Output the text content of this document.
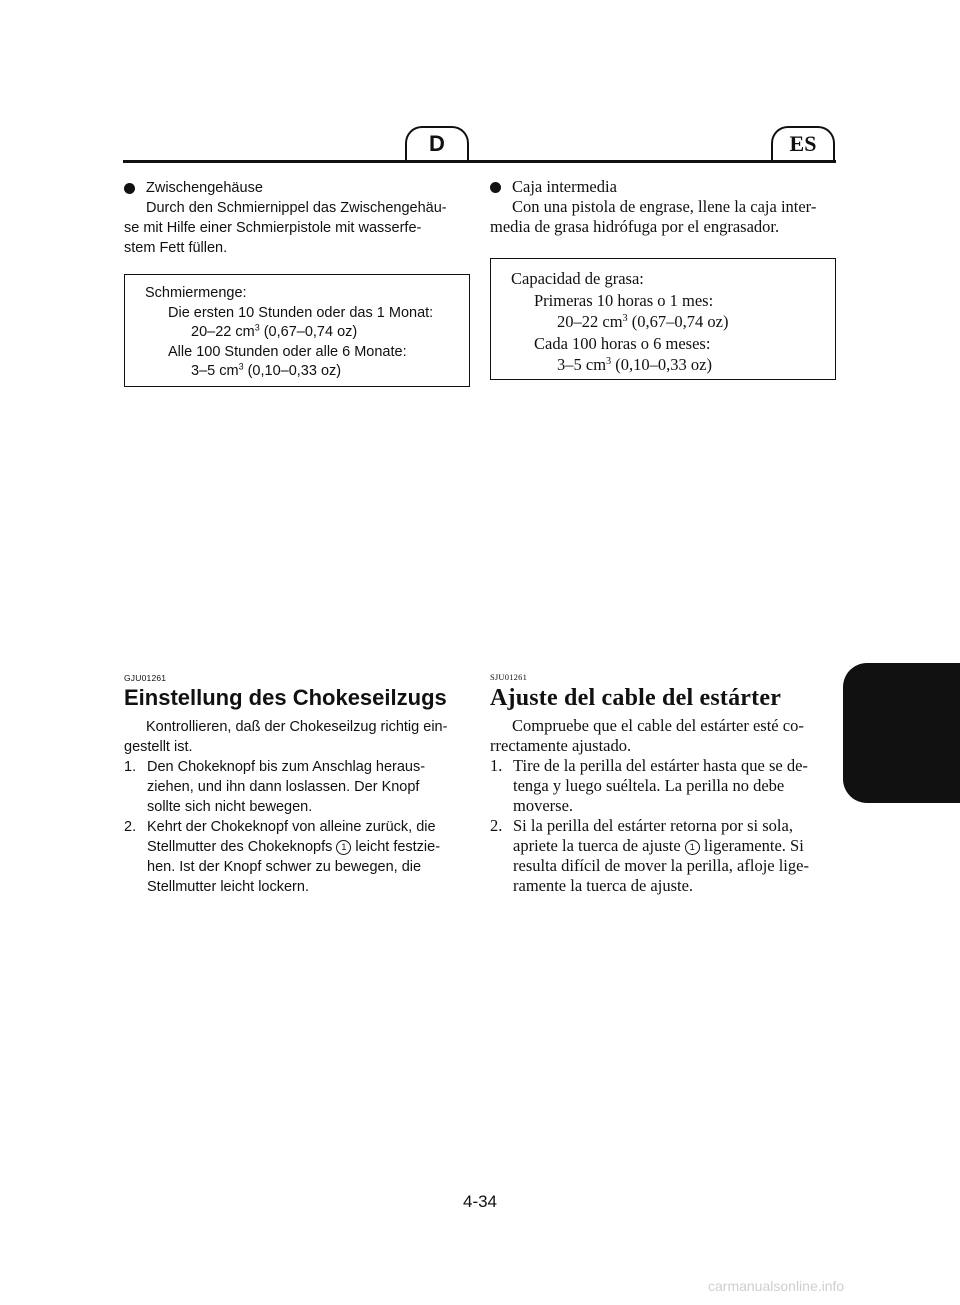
D	ES
Zwischengehäuse
Durch den Schmiernippel das Zwischengehäu-
se mit Hilfe einer Schmierpistole mit wasserfe-
stem Fett füllen.
Caja intermedia
Con una pistola de engrase, llene la caja inter-
media de grasa hidrófuga por el engrasador.
Schmiermenge:
Die ersten 10 Stunden oder das 1 Monat:
20–22 $cm^3$ (0,67–0,74 oz)
Alle 100 Stunden oder alle 6 Monate:
3–5 $cm^3$ (0,10–0,33 oz)
Capacidad de grasa:
Primeras 10 horas o 1 mes:
20–22 $cm^3$ (0,67–0,74 oz)
Cada 100 horas o 6 meses:
3–5 $cm^3$ (0,10–0,33 oz)
GJU01261
Einstellung des Chokeseilzugs
Kontrollieren, daß der Chokeseilzug richtig ein-
gestellt ist.
1. Den Chokeknopf bis zum Anschlag heraus-
ziehen, und ihn dann loslassen. Der Knopf
sollte sich nicht bewegen.
2. Kehrt der Chokeknopf von alleine zurück, die
Stellmutter des Chokeknopfs 1 leicht festzie-
hen. Ist der Knopf schwer zu bewegen, die
Stellmutter leicht lockern.
SJU01261
Ajuste del cable del estárter
Compruebe que el cable del estárter esté co-
rrectamente ajustado.
1. Tire de la perilla del estárter hasta que se de-
tenga y luego suéltela. La perilla no debe
moverse.
2. Si la perilla del estárter retorna por si sola,
apriete la tuerca de ajuste 1 ligeramente. Si
resulta difícil de mover la perilla, afloje lige-
ramente la tuerca de ajuste.
4-34
carmanualsonline.info
